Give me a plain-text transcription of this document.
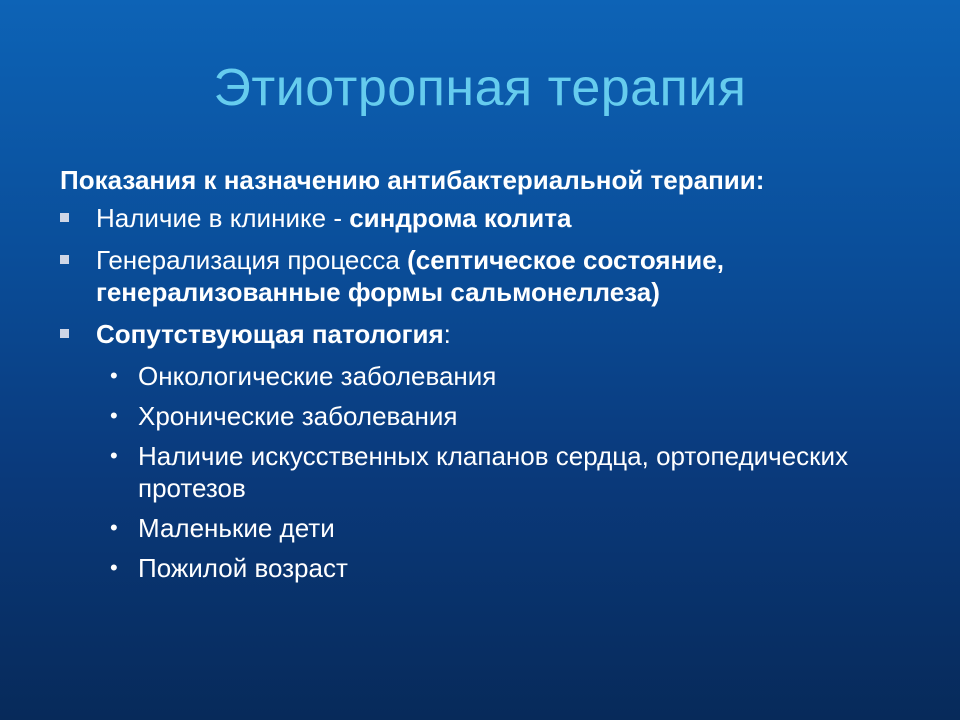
Этиотропная терапия
Показания к назначению антибактериальной терапии:
Наличие в клинике - синдрома колита
Генерализация процесса (септическое состояние, генерализованные формы сальмонеллеза)
Сопутствующая патология:
• Онкологические заболевания
• Хронические заболевания
• Наличие искусственных клапанов сердца, ортопедических протезов
• Маленькие дети
• Пожилой возраст
